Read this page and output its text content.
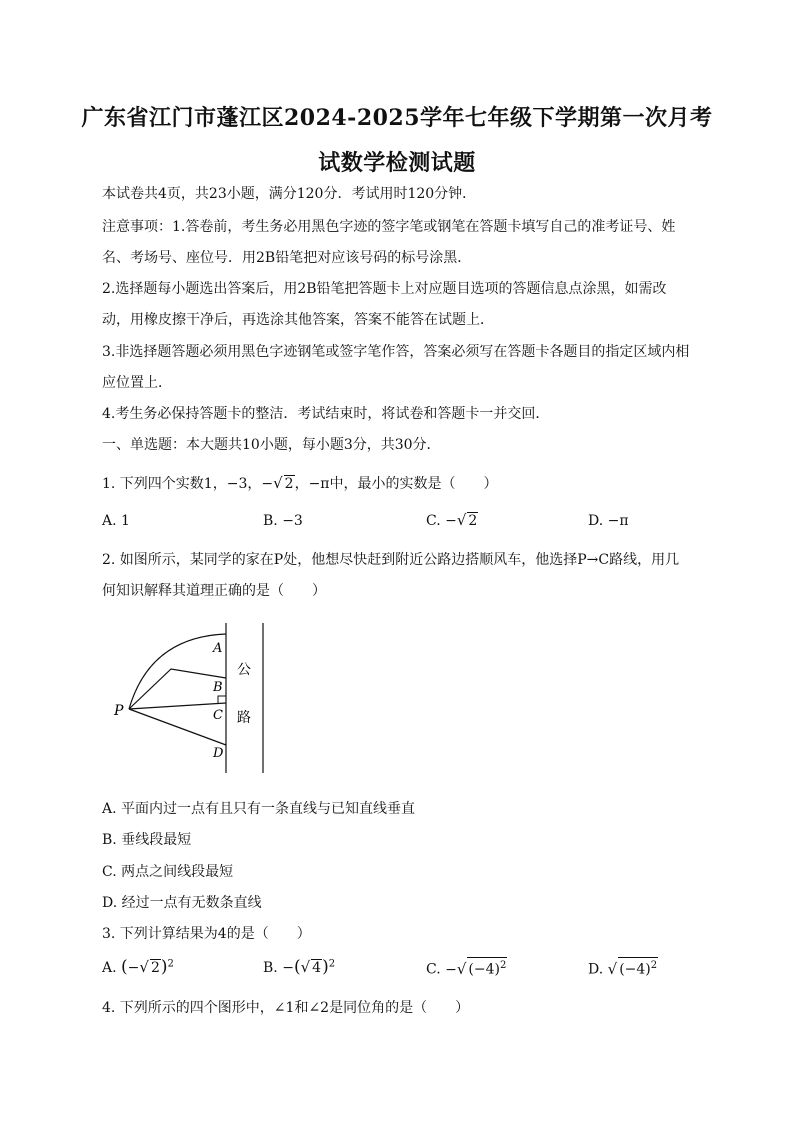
广东省江门市蓬江区2024-2025学年七年级下学期第一次月考
试数学检测试题
本试卷共4页，共23小题，满分120分．考试用时120分钟．
注意事项：1.答卷前，考生务必用黑色字迹的签字笔或钢笔在答题卡填写自己的准考证号、姓
名、考场号、座位号．用2B铅笔把对应该号码的标号涂黑．
2.选择题每小题选出答案后，用2B铅笔把答题卡上对应题目选项的答题信息点涂黑，如需改
动，用橡皮擦干净后，再选涂其他答案，答案不能答在试题上．
3.非选择题答题必须用黑色字迹钢笔或签字笔作答，答案必须写在答题卡各题目的指定区域内相
应位置上．
4.考生务必保持答题卡的整洁．考试结束时，将试卷和答题卡一并交回．
一、单选题：本大题共10小题，每小题3分，共30分．
1. 下列四个实数1，−3，−√ 2，−π中，最小的实数是（　　）
A. 1	B. −3	C. −√ 2	D. −π
2. 如图所示，某同学的家在P处，他想尽快赶到附近公路边搭顺风车，他选择P→C路线，用几
何知识解释其道理正确的是（　　）
P
A
B
C
D
公
路
A. 平面内过一点有且只有一条直线与已知直线垂直
B. 垂线段最短
C. 两点之间线段最短
D. 经过一点有无数条直线
3. 下列计算结果为4的是（　　）
A. (−√ 2)$^2$	B. −(√ 4)$^2$	C. −√ $(-4)^2$	D. √ $(-4)^2$
4. 下列所示的四个图形中，∠1和∠2是同位角的是（　　）
